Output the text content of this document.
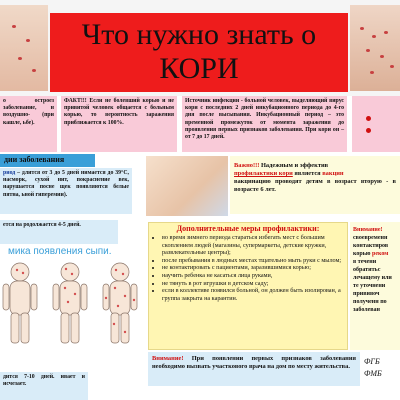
Что нужно знать о
КОРИ
о остроез заболевание, н воздушно- (при кашле, ьбе).
ФАКТ!!! Если не болевший корью и не привитой человек общается с больным корью, то вероятность заражения приближается к 100%.
Источник инфекции - больной человек, выделяющий вирус кори с последних 2 дней инкубационного периода до 4-го дня после высыпания. Инкубационный период – это временной промежуток от момента заражения до проявления первых признаков заболевания. При кори он – от 7 до 17 дней.
дии заболевания
риод – длится от 3 до 5 дней нимается до 39°С, насморк, сухой нит, покраснение век, нарушается посне щек появляются белые пятна, ьной гиперемии).
ется на родолжается 4-5 дней.
мика появления сыпи.
дится 7-10 дней. ивает и исчезает.
Важно!!! Надежным и эффектив
профилактики кори является вакцин
вакцинацию проводят детям в возраст вторую - в возрасте 6 лет.
Дополнительные меры профилактики:
• во время зимнего периода стараться избегать мест с большим скоплением людей (магазины, супермаркеты, детские кружки, развлекательные центры);
• после пребывания в людных местах тщательно мыть руки с мылом;
• не контактировать с пациентами, заразившимися корью;
• научить ребенка не касаться лица руками,
• не тянуть в рот игрушки в детском саду;
• если в коллективе появился больной, он должен быть изолирован, а группа закрыта на карантин.
Внимание! При появлении первых признаков заболевания необходимо вызвать участкового врача на дом по месту жительства.
Внимание!
своевременн контактиров корью реком
в течени обратитьс лечащему или те уточнени прививоч полученн по заболеван
ФГБ
ФМБ
